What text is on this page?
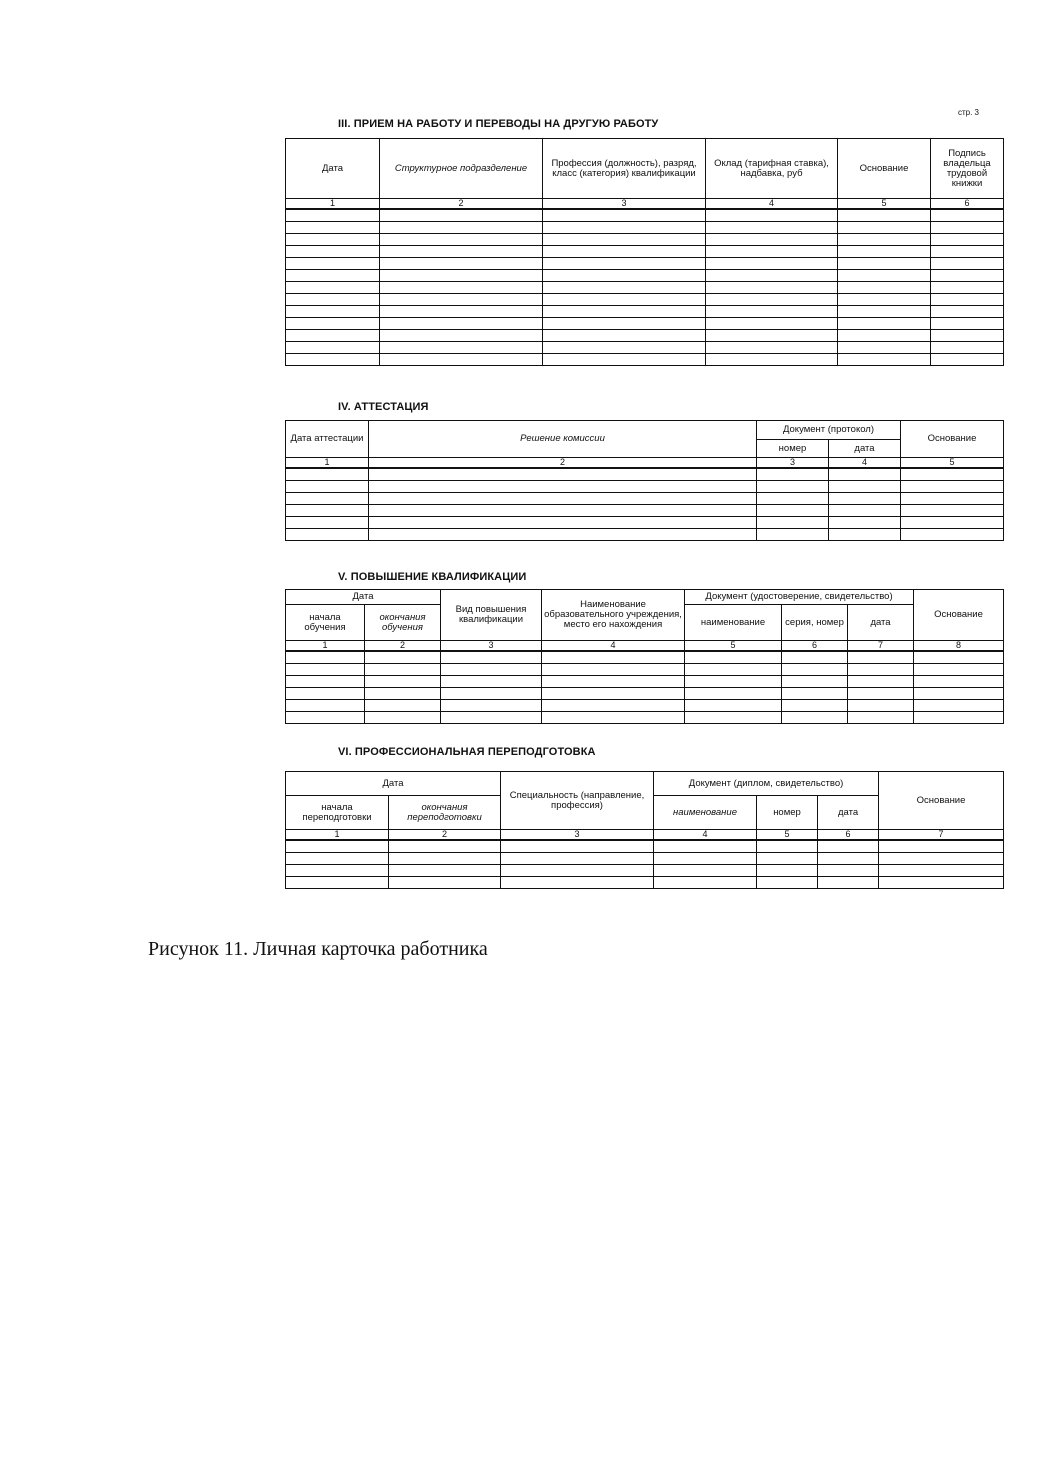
стр. 3
III. ПРИЕМ НА РАБОТУ И ПЕРЕВОДЫ НА ДРУГУЮ РАБОТУ
Дата	Структурное подразделение	Профессия (должность), разряд, класс (категория) квалификации	Оклад (тарифная ставка), надбавка, руб	Основание	Подпись владельца трудовой книжки
1	2	3	4	5	6

IV. АТТЕСТАЦИЯ
Дата аттестации	Решение комиссии	Документ (протокол)		Основание
		номер	дата	
1	2	3	4	5

V. ПОВЫШЕНИЕ КВАЛИФИКАЦИИ
Дата		Вид повышения квалификации	Наименование образовательного учреждения, место его нахождения	Документ (удостоверение, свидетельство)			Основание
начала обучения	окончания обучения			наименование	серия, номер	дата	
1	2	3	4	5	6	7	8

VI. ПРОФЕССИОНАЛЬНАЯ ПЕРЕПОДГОТОВКА
Дата		Специальность (направление, профессия)	Документ (диплом, свидетельство)			Основание
начала переподготовки	окончания переподготовки		наименование	номер	дата	
1	2	3	4	5	6	7

Рисунок 11. Личная карточка работника
